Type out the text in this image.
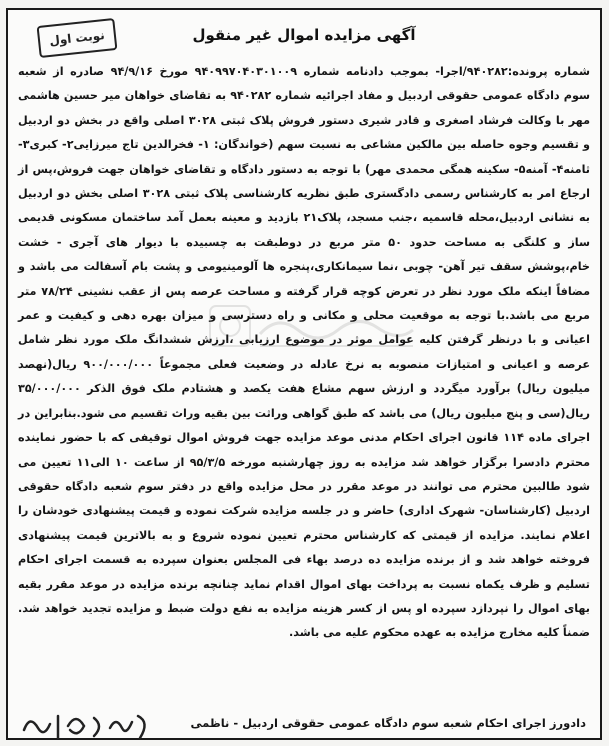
نوبت اول	آگهی مزایده اموال غیر منقول

شماره پرونده:۹۴۰۲۸۲/اجرا- بموجب دادنامه شماره ۹۴۰۹۹۷۰۴۰۳۰۱۰۰۹ مورخ ۹۴/۹/۱۶ صادره از شعبه سوم دادگاه عمومی حقوقی اردبیل و مفاد اجرائیه شماره ۹۴۰۲۸۲ به تقاضای خواهان میر حسین هاشمی مهر با وکالت فرشاد اصغری و قادر شیری دستور فروش پلاک ثبتی ۳۰۲۸ اصلی واقع در بخش دو اردبیل و تقسیم وجوه حاصله بین مالکین مشاعی به نسبت سهم (خواندگان: ۱- فخرالدین تاج میرزایی۲- کبری۳- ثامنه۴- آمنه۵- سکینه همگی محمدی مهر) با توجه به دستور دادگاه و تقاضای خواهان جهت فروش،پس از ارجاع امر به کارشناس رسمی دادگستری طبق نظریه کارشناسی پلاک ثبتی ۳۰۲۸ اصلی بخش دو اردبیل به نشانی اردبیل،محله قاسمیه ،جنب مسجد، پلاک۲۱ بازدید و معینه بعمل آمد ساختمان مسکونی قدیمی ساز و کلنگی به مساحت حدود ۵۰ متر مربع در دوطبقت به چسبیده با دیوار های آجری - خشت خام،پوشش سقف تیر آهن- چوبی ،نما سیمانکاری،پنجره ها آلومینیومی و پشت بام آسفالت می باشد و مضافاً اینکه ملک مورد نظر در تعرض کوچه قرار گرفته و مساحت عرصه پس از عقب نشینی ۷۸/۲۴ متر مربع می باشد.با توجه به موقعیت محلی و مکانی و راه دسترسی و میزان بهره دهی و کیفیت و عمر اعیانی و با درنظر گرفتن کلیه عوامل موثر در موضوع ارزیابی ،ارزش ششدانگ ملک مورد نظر شامل عرصه و اعیانی و امتیازات منصوبه به نرخ عادله در وضعیت فعلی مجموعاً ۹۰۰/۰۰۰/۰۰۰ ریال(نهصد میلیون ریال) برآورد میگردد و ارزش سهم مشاع هفت یکصد و هشتادم ملک فوق الذکر ۳۵/۰۰۰/۰۰۰ ریال(سی و پنج میلیون ریال) می باشد که طبق گواهی وراثت بین بقیه وراث تقسیم می شود.بنابراین در اجرای ماده ۱۱۴ قانون اجرای احکام مدنی موعد مزایده جهت فروش اموال توقیفی که با حضور نماینده محترم دادسرا برگزار خواهد شد مزایده به روز چهارشنبه مورخه ۹۵/۳/۵ از ساعت ۱۰ الی۱۱ تعیین می شود طالبین محترم می توانند در موعد مقرر در محل مزایده واقع در دفتر سوم شعبه دادگاه حقوقی اردبیل (کارشناسان- شهرک اداری) حاضر و در جلسه مزایده شرکت نموده و قیمت پیشنهادی خودشان را اعلام نمایند. مزایده از قیمتی که کارشناس محترم تعیین نموده شروع و به بالاترین قیمت پیشنهادی فروخته خواهد شد و از برنده مزایده ده درصد بهاء فی المجلس بعنوان سپرده به قسمت اجرای احکام تسلیم و ظرف یکماه نسبت به پرداخت بهای اموال اقدام نماید چنانچه برنده مزایده در موعد مقرر بقیه بهای اموال را نپردازد سپرده او پس از کسر هزینه مزایده به نفع دولت ضبط و مزایده تجدید خواهد شد. ضمناً کلیه مخارج مزایده به عهده محکوم علیه می باشد.

دادورز اجرای احکام شعبه سوم دادگاه عمومی حقوقی اردبیل - ناظمی
